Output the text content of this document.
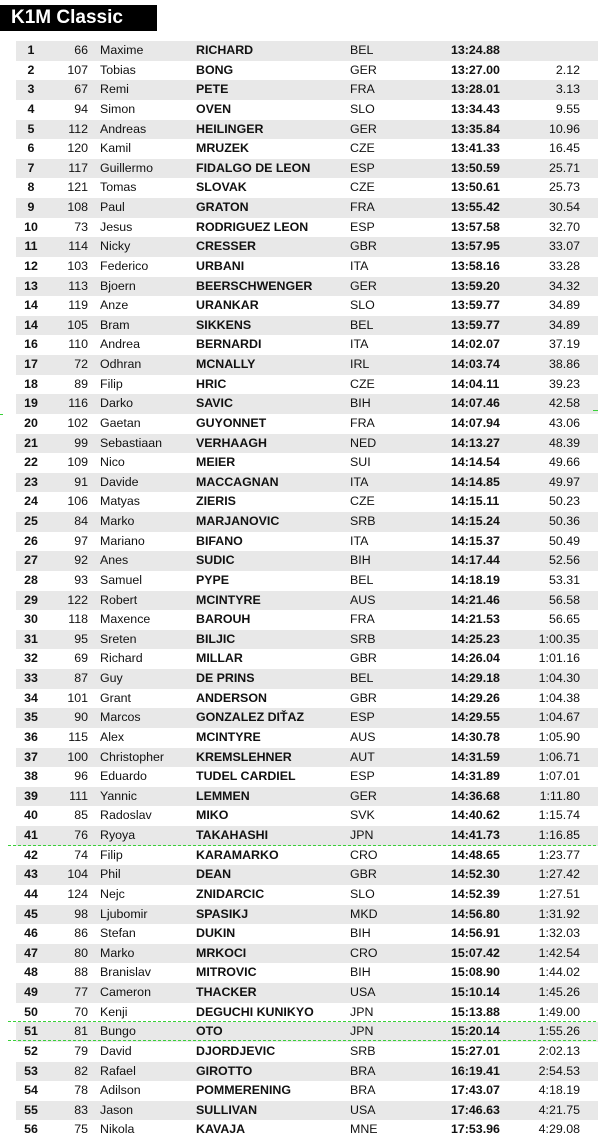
K1M Classic
1	66 Maxime	RICHARD	BEL	13:24.88
2	107 Tobias	BONG	GER	13:27.00	2.12
3	67 Remi	PETE	FRA	13:28.01	3.13
4	94 Simon	OVEN	SLO	13:34.43	9.55
5	112 Andreas	HEILINGER	GER	13:35.84	10.96
6	120 Kamil	MRUZEK	CZE	13:41.33	16.45
7	117 Guillermo	FIDALGO DE LEON	ESP	13:50.59	25.71
8	121 Tomas	SLOVAK	CZE	13:50.61	25.73
9	108 Paul	GRATON	FRA	13:55.42	30.54
10	73 Jesus	RODRIGUEZ LEON	ESP	13:57.58	32.70
11	114 Nicky	CRESSER	GBR	13:57.95	33.07
12	103 Federico	URBANI	ITA	13:58.16	33.28
13	113 Bjoern	BEERSCHWENGER	GER	13:59.20	34.32
14	119 Anze	URANKAR	SLO	13:59.77	34.89
14	105 Bram	SIKKENS	BEL	13:59.77	34.89
16	110 Andrea	BERNARDI	ITA	14:02.07	37.19
17	72 Odhran	MCNALLY	IRL	14:03.74	38.86
18	89 Filip	HRIC	CZE	14:04.11	39.23
19	116 Darko	SAVIC	BIH	14:07.46	42.58
20	102 Gaetan	GUYONNET	FRA	14:07.94	43.06
21	99 Sebastiaan	VERHAAGH	NED	14:13.27	48.39
22	109 Nico	MEIER	SUI	14:14.54	49.66
23	91 Davide	MACCAGNAN	ITA	14:14.85	49.97
24	106 Matyas	ZIERIS	CZE	14:15.11	50.23
25	84 Marko	MARJANOVIC	SRB	14:15.24	50.36
26	97 Mariano	BIFANO	ITA	14:15.37	50.49
27	92 Anes	SUDIC	BIH	14:17.44	52.56
28	93 Samuel	PYPE	BEL	14:18.19	53.31
29	122 Robert	MCINTYRE	AUS	14:21.46	56.58
30	118 Maxence	BAROUH	FRA	14:21.53	56.65
31	95 Sreten	BILJIC	SRB	14:25.23	1:00.35
32	69 Richard	MILLAR	GBR	14:26.04	1:01.16
33	87 Guy	DE PRINS	BEL	14:29.18	1:04.30
34	101 Grant	ANDERSON	GBR	14:29.26	1:04.38
35	90 Marcos	GONZALEZ DIŤAZ	ESP	14:29.55	1:04.67
36	115 Alex	MCINTYRE	AUS	14:30.78	1:05.90
37	100 Christopher	KREMSLEHNER	AUT	14:31.59	1:06.71
38	96 Eduardo	TUDEL CARDIEL	ESP	14:31.89	1:07.01
39	111 Yannic	LEMMEN	GER	14:36.68	1:11.80
40	85 Radoslav	MIKO	SVK	14:40.62	1:15.74
41	76 Ryoya	TAKAHASHI	JPN	14:41.73	1:16.85
42	74 Filip	KARAMARKO	CRO	14:48.65	1:23.77
43	104 Phil	DEAN	GBR	14:52.30	1:27.42
44	124 Nejc	ZNIDARCIC	SLO	14:52.39	1:27.51
45	98 Ljubomir	SPASIKJ	MKD	14:56.80	1:31.92
46	86 Stefan	DUKIN	BIH	14:56.91	1:32.03
47	80 Marko	MRKOCI	CRO	15:07.42	1:42.54
48	88 Branislav	MITROVIC	BIH	15:08.90	1:44.02
49	77 Cameron	THACKER	USA	15:10.14	1:45.26
50	70 Kenji	DEGUCHI KUNIKYO	JPN	15:13.88	1:49.00
51	81 Bungo	OTO	JPN	15:20.14	1:55.26
52	79 David	DJORDJEVIC	SRB	15:27.01	2:02.13
53	82 Rafael	GIROTTO	BRA	16:19.41	2:54.53
54	78 Adilson	POMMERENING	BRA	17:43.07	4:18.19
55	83 Jason	SULLIVAN	USA	17:46.63	4:21.75
56	75 Nikola	KAVAJA	MNE	17:53.96	4:29.08
